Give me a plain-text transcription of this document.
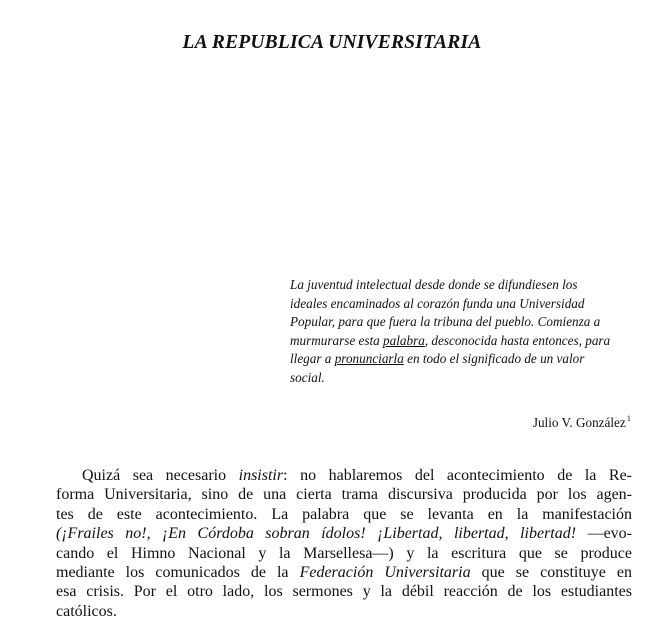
LA REPUBLICA UNIVERSITARIA
La juventud intelectual desde donde se difundiesen los
ideales encaminados al corazón funda una Universidad
Popular, para que fuera la tribuna del pueblo. Comienza a
murmurarse esta palabra, desconocida hasta entonces, para
llegar a pronunciarla en todo el significado de un valor
social.
Julio V. González$^1$
Quizá sea necesario insistir: no hablaremos del acontecimiento de la Re-
forma Universitaria, sino de una cierta trama discursiva producida por los agen-
tes de este acontecimiento. La palabra que se levanta en la manifestación
(¡Frailes no!, ¡En Córdoba sobran ídolos! ¡Libertad, libertad, libertad! —evo-
cando el Himno Nacional y la Marsellesa—) y la escritura que se produce
mediante los comunicados de la Federación Universitaria que se constituye en
esa crisis. Por el otro lado, los sermones y la débil reacción de los estudiantes
católicos.
